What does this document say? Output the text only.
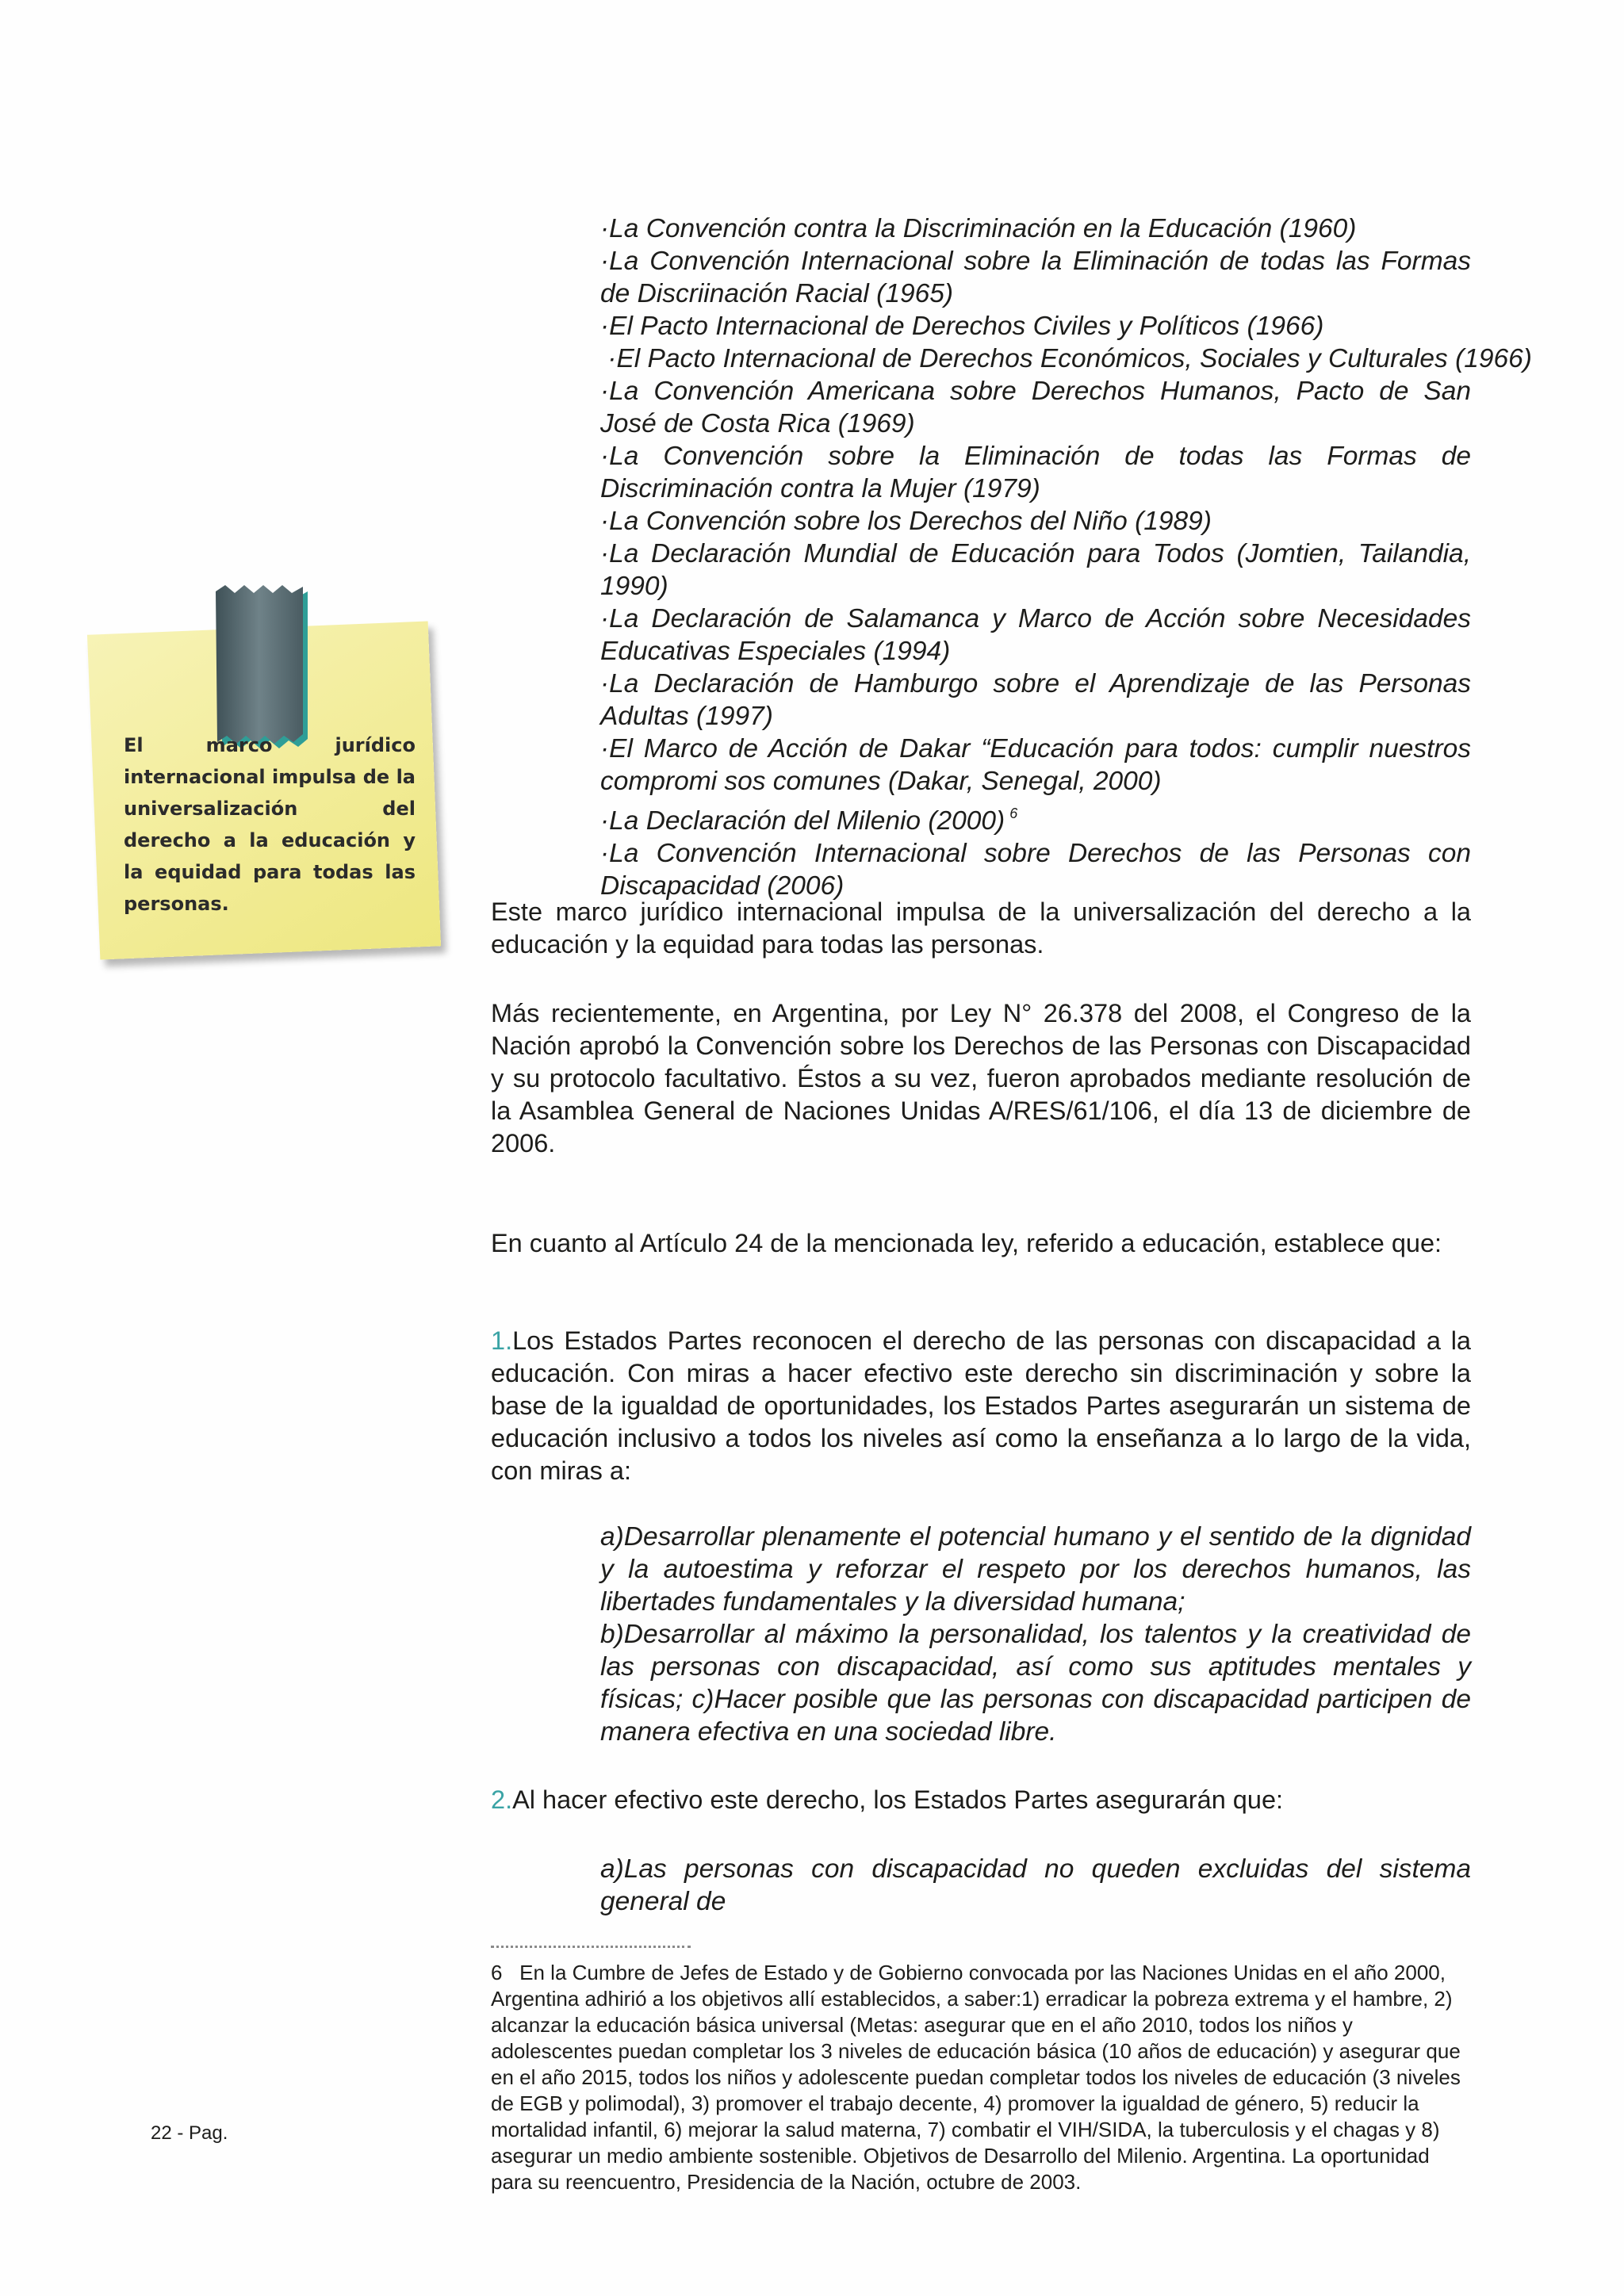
·La Convención contra la Discriminación en la Educación (1960)
·La Convención Internacional sobre la Eliminación de todas las Formas de Discriinación Racial (1965)
·El Pacto Internacional de Derechos Civiles y Políticos (1966)
·El Pacto Internacional de Derechos Económicos, Sociales y Culturales (1966)
·La Convención Americana sobre Derechos Humanos, Pacto de San José de Costa Rica (1969)
·La Convención sobre la Eliminación de todas las Formas de Discriminación contra la Mujer (1979)
·La Convención sobre los Derechos del Niño (1989)
·La Declaración Mundial de Educación para Todos (Jomtien, Tailandia, 1990)
·La Declaración de Salamanca y Marco de Acción sobre Necesidades Educativas Especiales (1994)
·La Declaración de Hamburgo sobre el Aprendizaje de las Personas Adultas (1997)
·El Marco de Acción de Dakar “Educación para todos: cumplir nuestros compromi sos comunes (Dakar, Senegal, 2000)
·La Declaración del Milenio (2000) $^6$
·La Convención Internacional sobre Derechos de las Personas con Discapacidad (2006)
El marco jurídico internacional impulsa de la universalización del derecho a la educación y la equidad para todas las personas.	Este marco jurídico internacional impulsa de la universalización del derecho a la educación y la equidad para todas las personas.

Más recientemente, en Argentina, por Ley N° 26.378 del 2008, el Congreso de la Nación aprobó la Convención sobre los Derechos de las Personas con Discapacidad y su protocolo facultativo. Éstos a su vez, fueron aprobados mediante resolución de la Asamblea General de Naciones Unidas A/RES/61/106, el día 13 de diciembre de 2006.

En cuanto al Artículo 24 de la mencionada ley, referido a educación, establece que:

1.Los Estados Partes reconocen el derecho de las personas con discapacidad a la educación. Con miras a hacer efectivo este derecho sin discriminación y sobre la base de la igualdad de oportunidades, los Estados Partes asegurarán un sistema de educación inclusivo a todos los niveles así como la enseñanza a lo largo de la vida, con miras a:

a)Desarrollar plenamente el potencial humano y el sentido de la dignidad y la autoestima y reforzar el respeto por los derechos humanos, las libertades fundamentales y la diversidad humana;
b)Desarrollar al máximo la personalidad, los talentos y la creatividad de las personas con discapacidad, así como sus aptitudes mentales y físicas; c)Hacer posible que las personas con discapacidad participen de manera efectiva en una sociedad libre.

2.Al hacer efectivo este derecho, los Estados Partes asegurarán que:

a)Las personas con discapacidad no queden excluidas del sistema general de

6 En la Cumbre de Jefes de Estado y de Gobierno convocada por las Naciones Unidas en el año 2000, Argentina adhirió a los objetivos allí establecidos, a saber:1) erradicar la pobreza extrema y el hambre, 2) alcanzar la educación básica universal (Metas: asegurar que en el año 2010, todos los niños y adolescentes puedan completar los 3 niveles de educación básica (10 años de educación) y asegurar que en el año 2015, todos los niños y adolescente puedan completar todos los niveles de educación (3 niveles de EGB y polimodal), 3) promover el trabajo decente, 4) promover la igualdad de género, 5) reducir la mortalidad infantil, 6) mejorar la salud materna, 7) combatir el VIH/SIDA, la tuberculosis y el chagas y 8) asegurar un medio ambiente sostenible. Objetivos de Desarrollo del Milenio. Argentina. La oportunidad para su reencuentro, Presidencia de la Nación, octubre de 2003.
22 - Pag.
